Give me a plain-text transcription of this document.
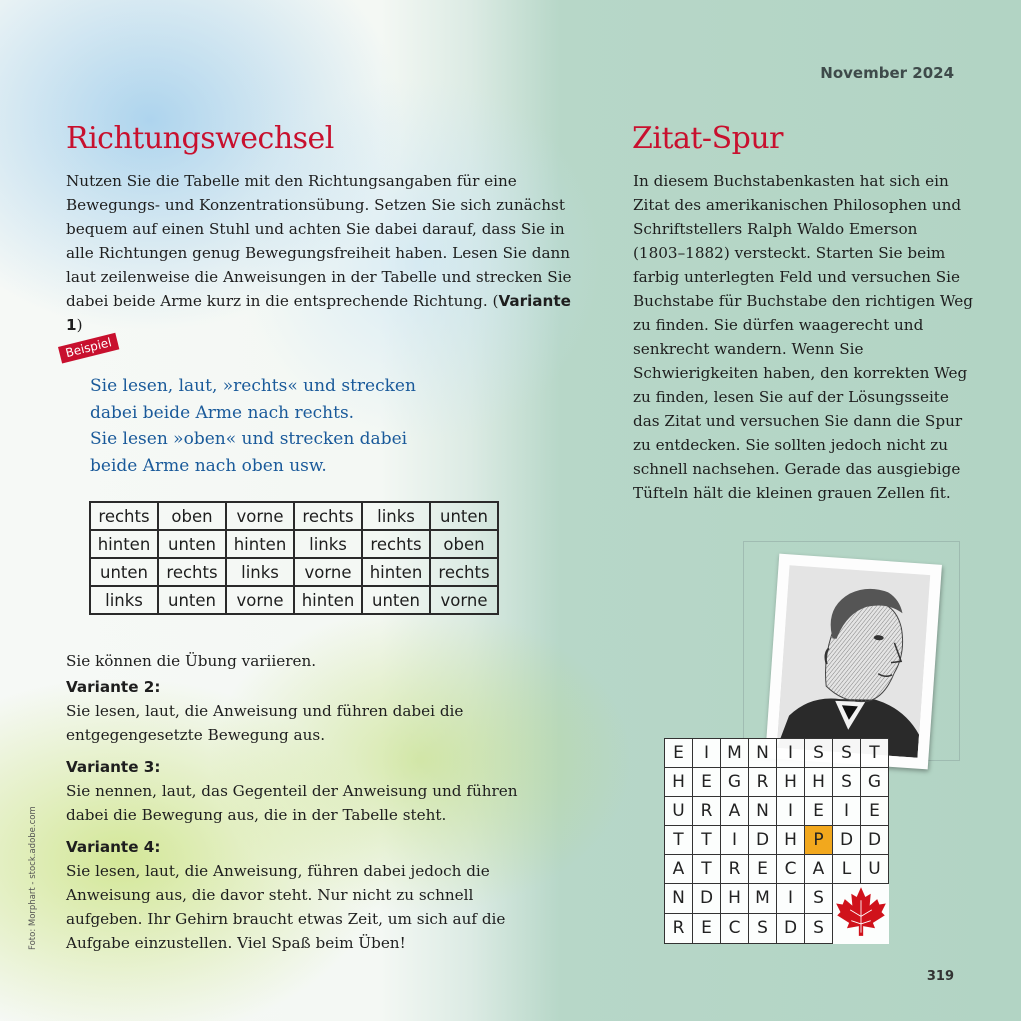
November 2024
Richtungswechsel
Nutzen Sie die Tabelle mit den Richtungsangaben für eine Bewegungs- und Konzentrationsübung. Setzen Sie sich zunächst bequem auf einen Stuhl und achten Sie dabei darauf, dass Sie in alle Richtungen genug Bewegungsfreiheit haben. Lesen Sie dann laut zeilenweise die Anweisungen in der Tabelle und strecken Sie dabei beide Arme kurz in die entsprechende Richtung. (Variante 1)
Beispiel
Sie lesen, laut, »rechts« und strecken
dabei beide Arme nach rechts.
Sie lesen »oben« und strecken dabei
beide Arme nach oben usw.
rechts	oben	vorne	rechts	links	unten
hinten	unten	hinten	links	rechts	oben
unten	rechts	links	vorne	hinten	rechts
links	unten	vorne	hinten	unten	vorne

Sie können die Übung variieren.

Variante 2:

Sie lesen, laut, die Anweisung und führen dabei die entgegengesetzte Bewegung aus.

Variante 3:

Sie nennen, laut, das Gegenteil der Anweisung und führen dabei die Bewegung aus, die in der Tabelle steht.

Variante 4:

Sie lesen, laut, die Anweisung, führen dabei jedoch die Anweisung aus, die davor steht. Nur nicht zu schnell aufgeben. Ihr Gehirn braucht etwas Zeit, um sich auf die Aufgabe einzustellen. Viel Spaß beim Üben!

Zitat-Spur
In diesem Buchstabenkasten hat sich ein Zitat des amerikanischen Philosophen und Schriftstellers Ralph Waldo Emerson (1803–1882) versteckt. Starten Sie beim farbig unterlegten Feld und versuchen Sie Buchstabe für Buchstabe den richtigen Weg zu finden. Sie dürfen waagerecht und senkrecht wandern. Wenn Sie Schwierigkeiten haben, den korrekten Weg zu finden, lesen Sie auf der Lösungsseite das Zitat und versuchen Sie dann die Spur zu entdecken. Sie sollten jedoch nicht zu schnell nachsehen. Gerade das ausgiebige Tüfteln hält die kleinen grauen Zellen fit.
E	I	M	N	I	S	S	T
H	E	G	R	H	H	S	G
U	R	A	N	I	E	I	E
T	T	I	D	H	P	D	D
A	T	R	E	C	A	L	U
N	D	H	M	I	S	
R	E	C	S	D	S		
Foto: Morphart - stock.adobe.com
319
